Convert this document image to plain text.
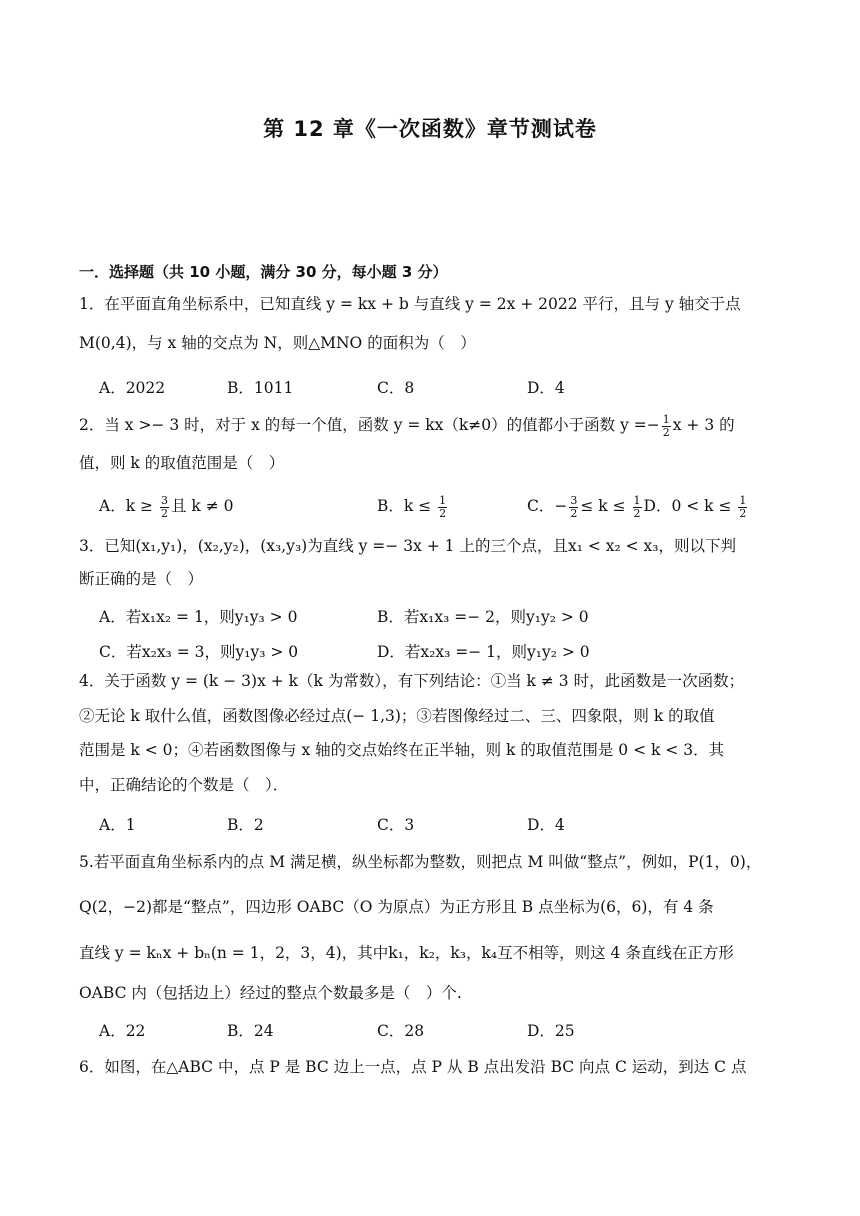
第 12 章《一次函数》章节测试卷
一．选择题（共 10 小题，满分 30 分，每小题 3 分）
1．在平面直角坐标系中，已知直线 y = kx + b 与直线 y = 2x + 2022 平行，且与 y 轴交于点
M(0,4)，与 x 轴的交点为 N，则△MNO 的面积为（　）
A．2022	B．1011	C．8	D．4
2．当 x >− 3 时，对于 x 的每一个值，函数 y = kx（k≠0）的值都小于函数 $y =- \frac{1}{2}$ x + 3 的
值，则 k 的取值范围是（　）
A．$k \ge \frac{3}{2}$ 且 k ≠ 0	B．$k \le \frac{1}{2}$	C．− $\frac{3}{2} \le k \le \frac{1}{2}$ D．$0 < k \le \frac{1}{2}$
3．已知(x₁,y₁)，(x₂,y₂)，(x₃,y₃)为直线 y =− 3x + 1 上的三个点，且x₁ < x₂ < x₃，则以下判
断正确的是（　）
A．若x₁x₂ = 1，则y₁y₃ > 0	B．若x₁x₃ =− 2，则y₁y₂ > 0
C．若x₂x₃ = 3，则y₁y₃ > 0	D．若x₂x₃ =− 1，则y₁y₂ > 0
4．关于函数 y = (k − 3)x + k（k 为常数），有下列结论：①当 k ≠ 3 时，此函数是一次函数；
②无论 k 取什么值，函数图像必经过点(− 1,3)；③若图像经过二、三、四象限，则 k 的取值
范围是 k < 0；④若函数图像与 x 轴的交点始终在正半轴，则 k 的取值范围是 0 < k < 3．其
中，正确结论的个数是（　）．
A．1	B．2	C．3	D．4
5.若平面直角坐标系内的点 M 满足横，纵坐标都为整数，则把点 M 叫做“整点”，例如，P(1，0)，
Q(2，−2)都是“整点”，四边形 OABC（O 为原点）为正方形且 B 点坐标为(6，6)，有 4 条
直线 y = kₙx + bₙ(n = 1，2，3，4)，其中k₁，k₂，k₃，k₄互不相等，则这 4 条直线在正方形
OABC 内（包括边上）经过的整点个数最多是（　）个.
A．22	B．24	C．28	D．25
6．如图，在△ABC 中，点 P 是 BC 边上一点，点 P 从 B 点出发沿 BC 向点 C 运动，到达 C 点
